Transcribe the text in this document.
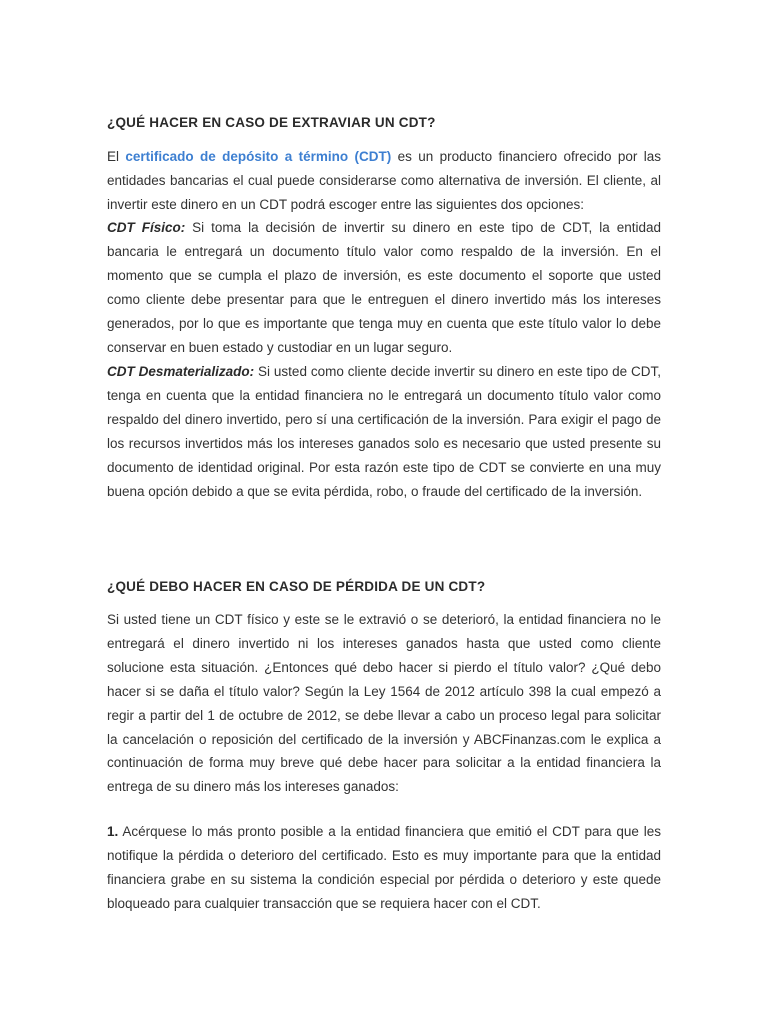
¿QUÉ HACER EN CASO DE EXTRAVIAR UN CDT?

El certificado de depósito a término (CDT) es un producto financiero ofrecido por las entidades bancarias el cual puede considerarse como alternativa de inversión. El cliente, al invertir este dinero en un CDT podrá escoger entre las siguientes dos opciones:

CDT Físico: Si toma la decisión de invertir su dinero en este tipo de CDT, la entidad bancaria le entregará un documento título valor como respaldo de la inversión. En el momento que se cumpla el plazo de inversión, es este documento el soporte que usted como cliente debe presentar para que le entreguen el dinero invertido más los intereses generados, por lo que es importante que tenga muy en cuenta que este título valor lo debe conservar en buen estado y custodiar en un lugar seguro.

CDT Desmaterializado: Si usted como cliente decide invertir su dinero en este tipo de CDT, tenga en cuenta que la entidad financiera no le entregará un documento título valor como respaldo del dinero invertido, pero sí una certificación de la inversión. Para exigir el pago de los recursos invertidos más los intereses ganados solo es necesario que usted presente su documento de identidad original. Por esta razón este tipo de CDT se convierte en una muy buena opción debido a que se evita pérdida, robo, o fraude del certificado de la inversión.

¿QUÉ DEBO HACER EN CASO DE PÉRDIDA DE UN CDT?

Si usted tiene un CDT físico y este se le extravió o se deterioró, la entidad financiera no le entregará el dinero invertido ni los intereses ganados hasta que usted como cliente solucione esta situación. ¿Entonces qué debo hacer si pierdo el título valor? ¿Qué debo hacer si se daña el título valor? Según la Ley 1564 de 2012 artículo 398 la cual empezó a regir a partir del 1 de octubre de 2012, se debe llevar a cabo un proceso legal para solicitar la cancelación o reposición del certificado de la inversión y ABCFinanzas.com le explica a continuación de forma muy breve qué debe hacer para solicitar a la entidad financiera la entrega de su dinero más los intereses ganados:

1. Acérquese lo más pronto posible a la entidad financiera que emitió el CDT para que les notifique la pérdida o deterioro del certificado. Esto es muy importante para que la entidad financiera grabe en su sistema la condición especial por pérdida o deterioro y este quede bloqueado para cualquier transacción que se requiera hacer con el CDT.
